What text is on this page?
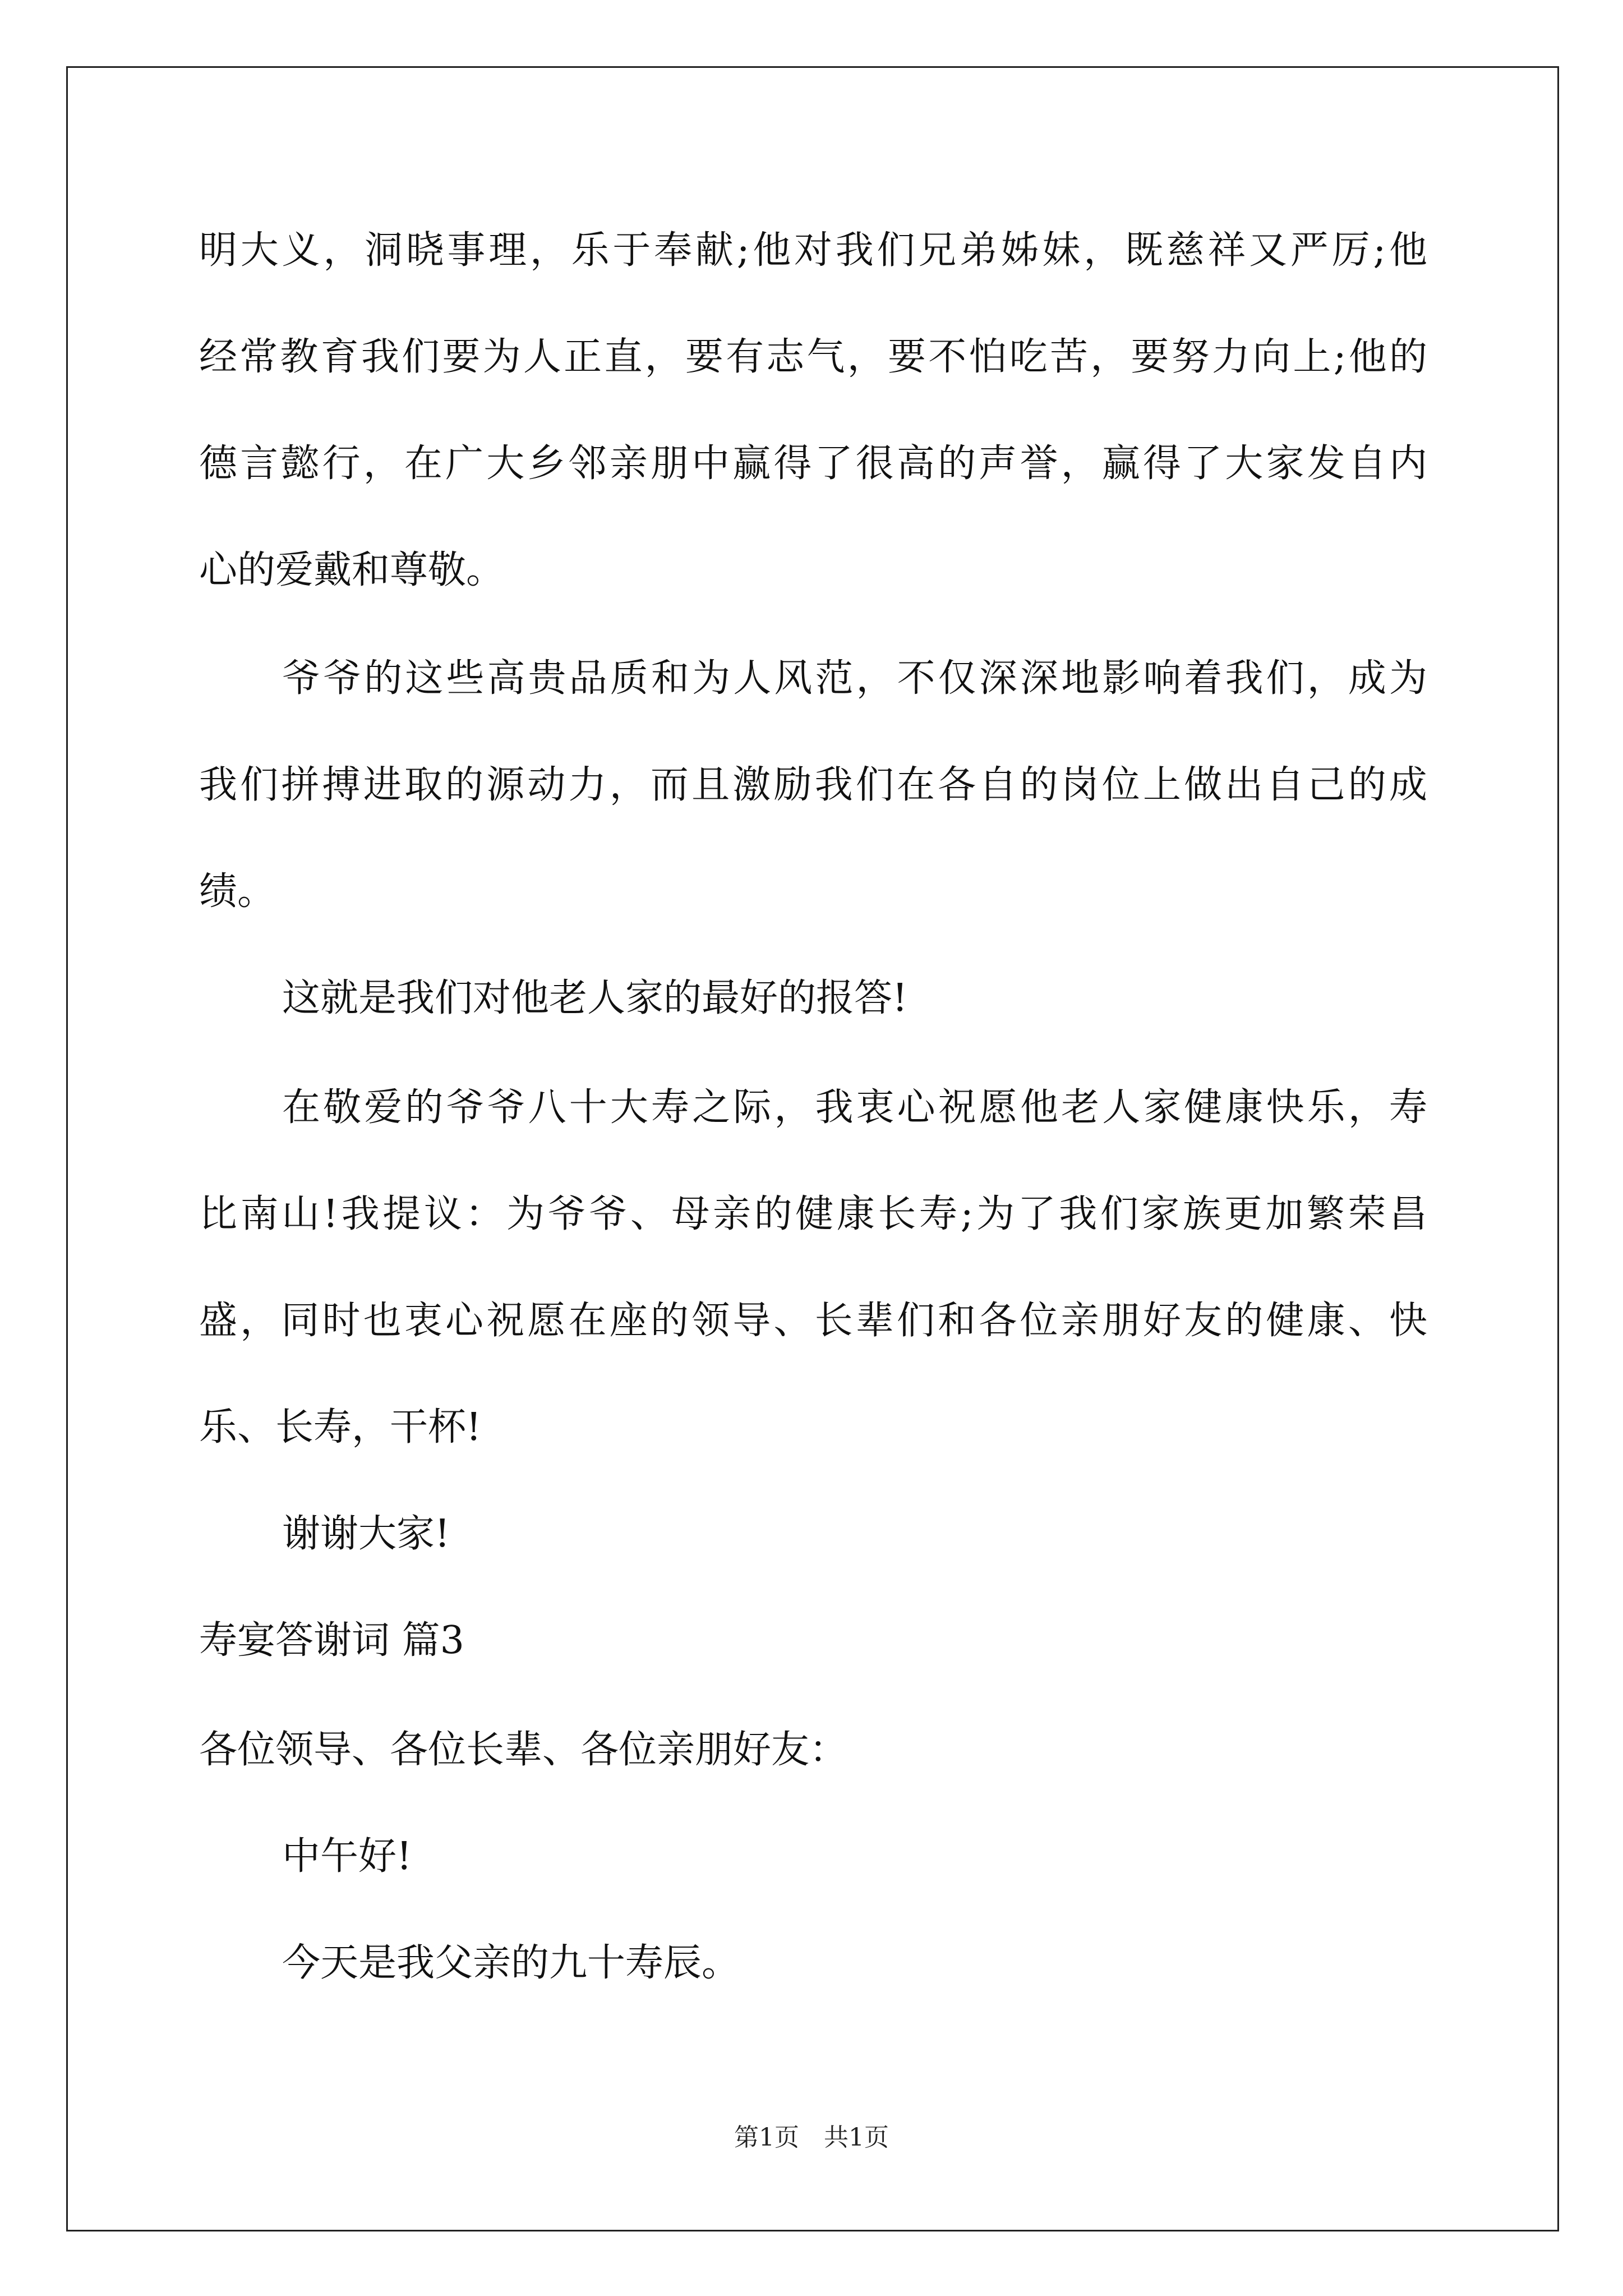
明大义，洞晓事理，乐于奉献;他对我们兄弟姊妹，既慈祥又严厉;他
经常教育我们要为人正直，要有志气，要不怕吃苦，要努力向上;他的
德言懿行，在广大乡邻亲朋中赢得了很高的声誉，赢得了大家发自内
心的爱戴和尊敬。
爷爷的这些高贵品质和为人风范，不仅深深地影响着我们，成为
我们拼搏进取的源动力，而且激励我们在各自的岗位上做出自己的成
绩。
这就是我们对他老人家的最好的报答!
在敬爱的爷爷八十大寿之际，我衷心祝愿他老人家健康快乐，寿
比南山!我提议：为爷爷、母亲的健康长寿;为了我们家族更加繁荣昌
盛，同时也衷心祝愿在座的领导、长辈们和各位亲朋好友的健康、快
乐、长寿，干杯!
谢谢大家!
寿宴答谢词 篇3
各位领导、各位长辈、各位亲朋好友：
中午好!
今天是我父亲的九十寿辰。
第1页 共1页
